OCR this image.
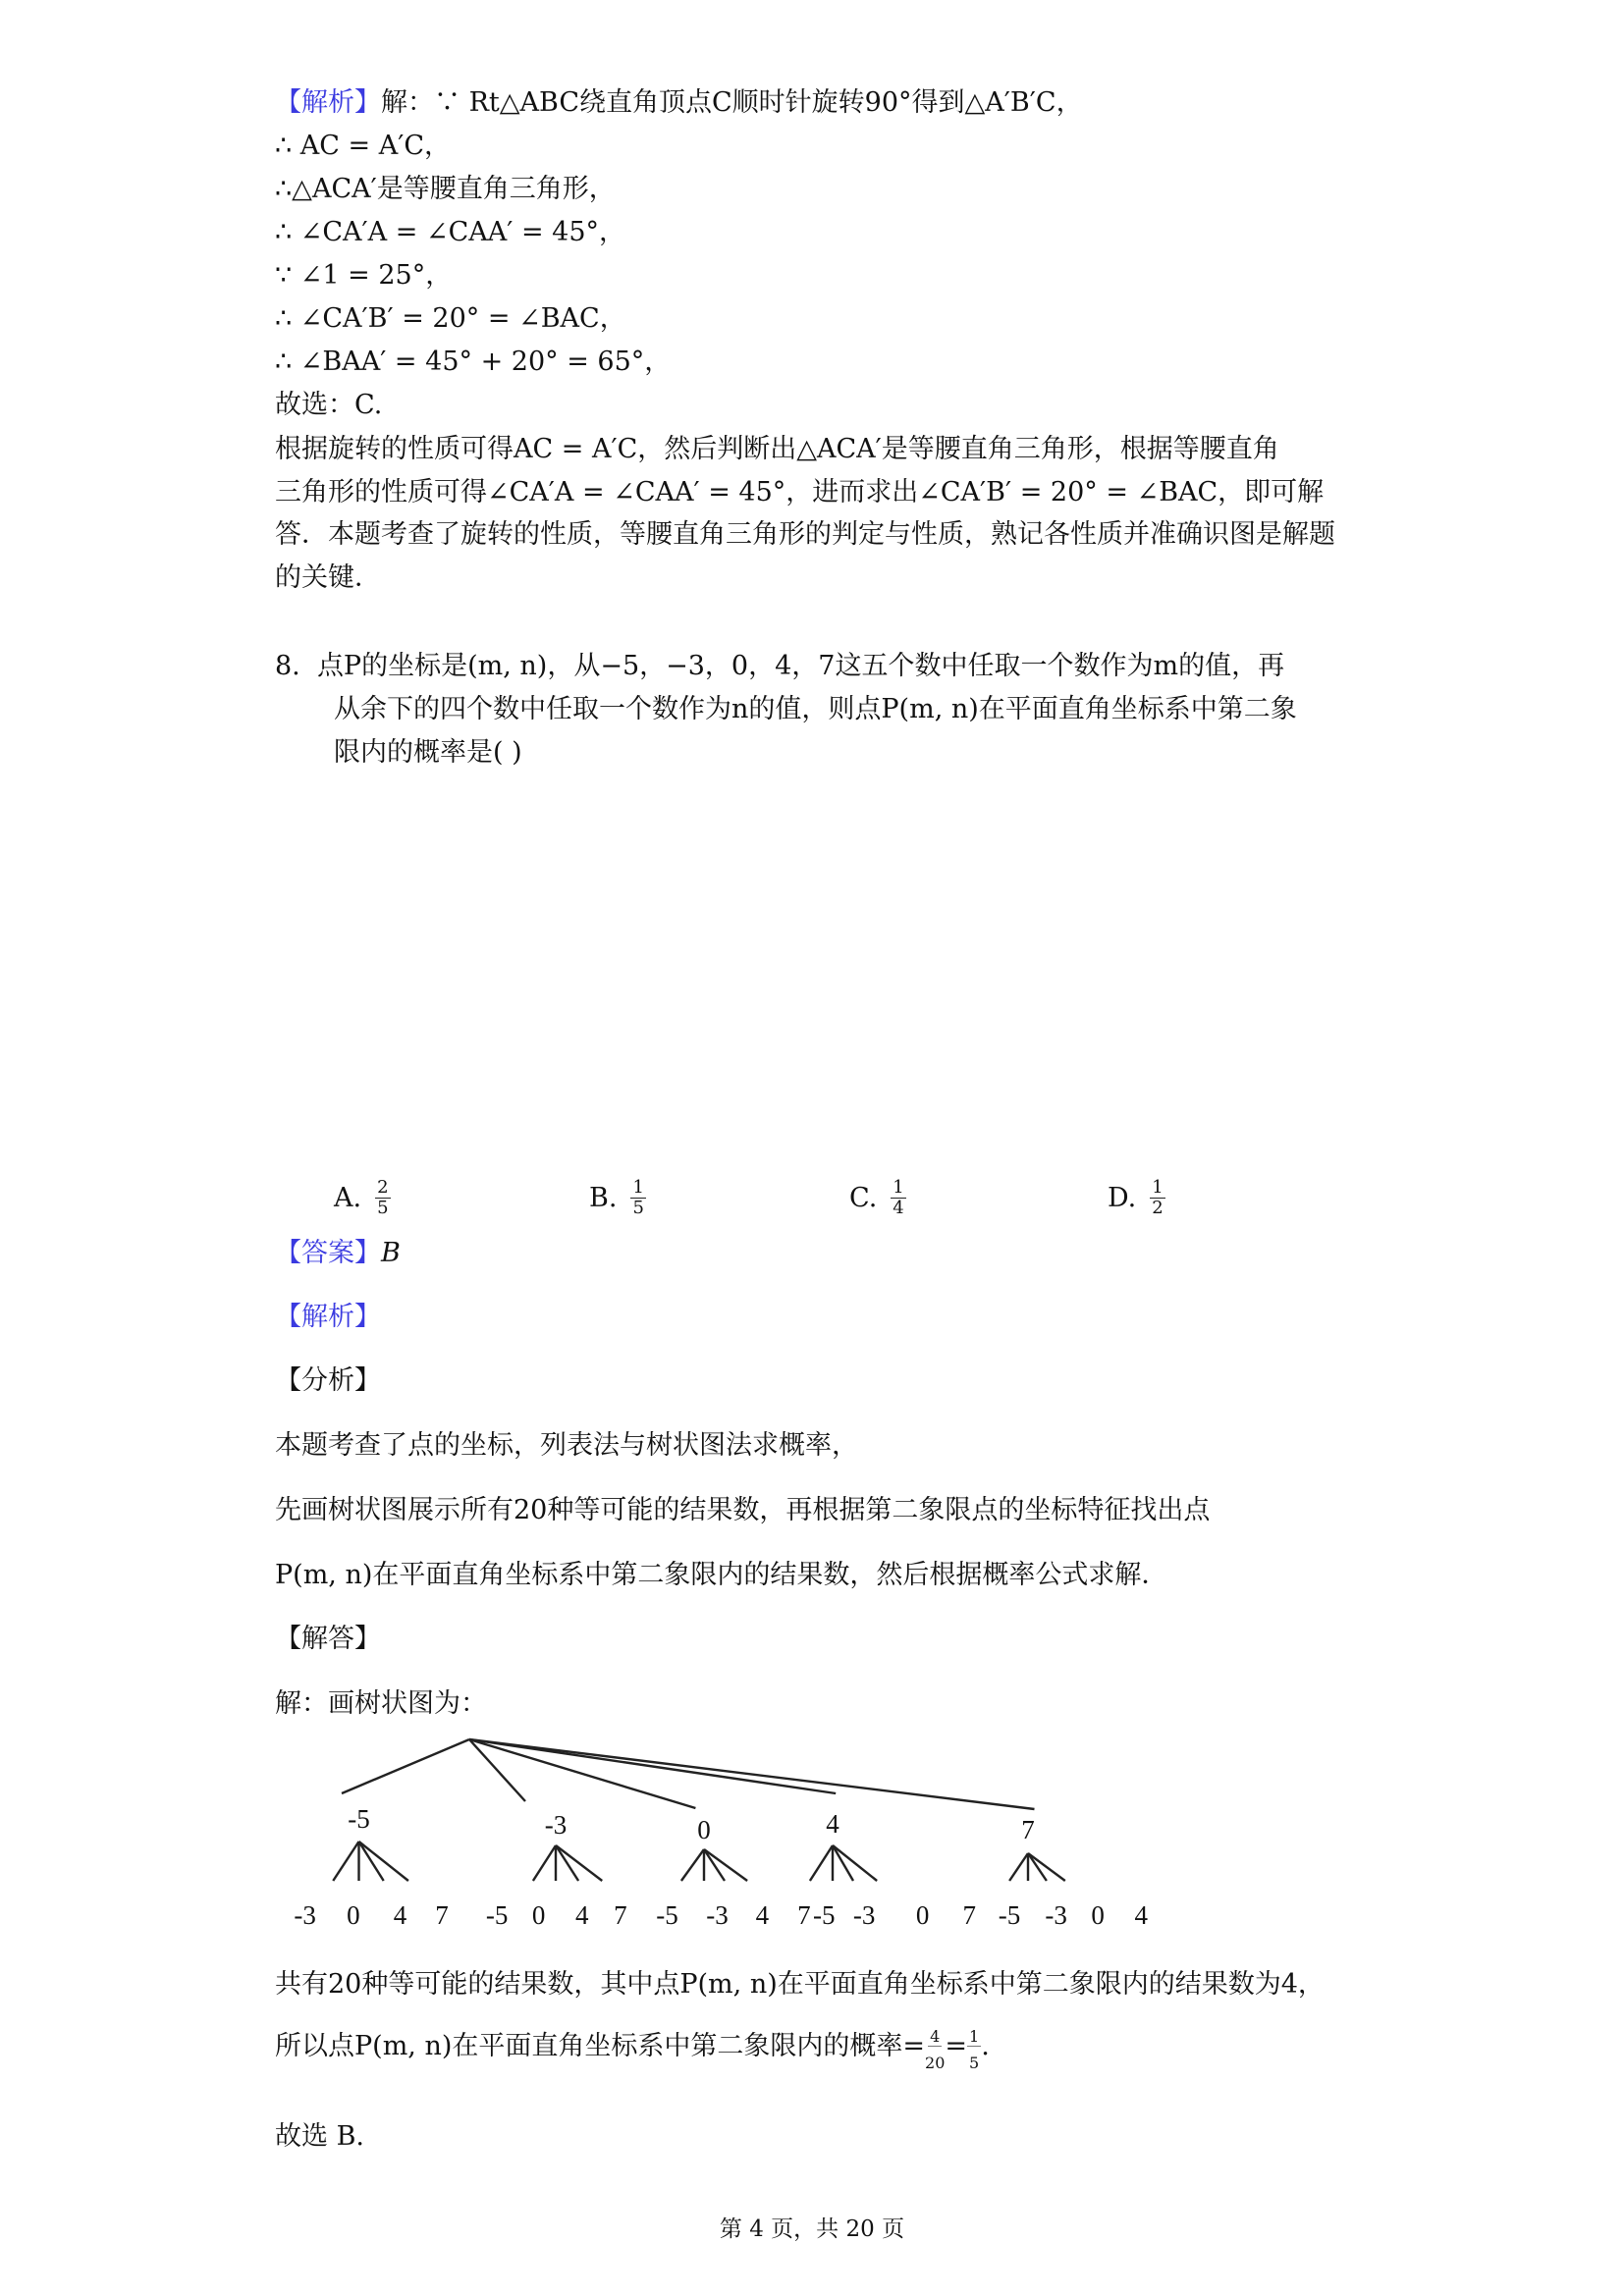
【解析】解：∵ Rt△ABC绕直角顶点C顺时针旋转90°得到△A′B′C，
∴ AC = A′C，
∴△ACA′是等腰直角三角形，
∴ ∠CA′A = ∠CAA′ = 45°，
∵ ∠1 = 25°，
∴ ∠CA′B′ = 20° = ∠BAC，
∴ ∠BAA′ = 45° + 20° = 65°，
故选：C.
根据旋转的性质可得AC = A′C，然后判断出△ACA′是等腰直角三角形，根据等腰直角
三角形的性质可得∠CA′A = ∠CAA′ = 45°，进而求出∠CA′B′ = 20° = ∠BAC，即可解
答．本题考查了旋转的性质，等腰直角三角形的判定与性质，熟记各性质并准确识图是解题
的关键．
8. 点P的坐标是(m, n)，从−5，−3，0，4，7这五个数中任取一个数作为m的值，再
从余下的四个数中任取一个数作为n的值，则点P(m, n)在平面直角坐标系中第二象
限内的概率是( )
A. $\frac{2}{5}$	B. $\frac{1}{5}$	C. $\frac{1}{4}$	D. $\frac{1}{2}$
【答案】B
【解析】
【分析】
本题考查了点的坐标，列表法与树状图法求概率，
先画树状图展示所有20种等可能的结果数，再根据第二象限点的坐标特征找出点
P(m, n)在平面直角坐标系中第二象限内的结果数，然后根据概率公式求解．
【解答】
解：画树状图为：
-5
-3 0 4 7
-3
-5 0 4 7
0
-5 -3 4 7
4
-5 -3 0 7
7
-5 -3 0 4
共有20种等可能的结果数，其中点P(m, n)在平面直角坐标系中第二象限内的结果数为4，
所以点P(m, n)在平面直角坐标系中第二象限内的概率= $\frac{4}{20} = \frac{1}{5}$ .
故选 B.
第 4 页，共 20 页
